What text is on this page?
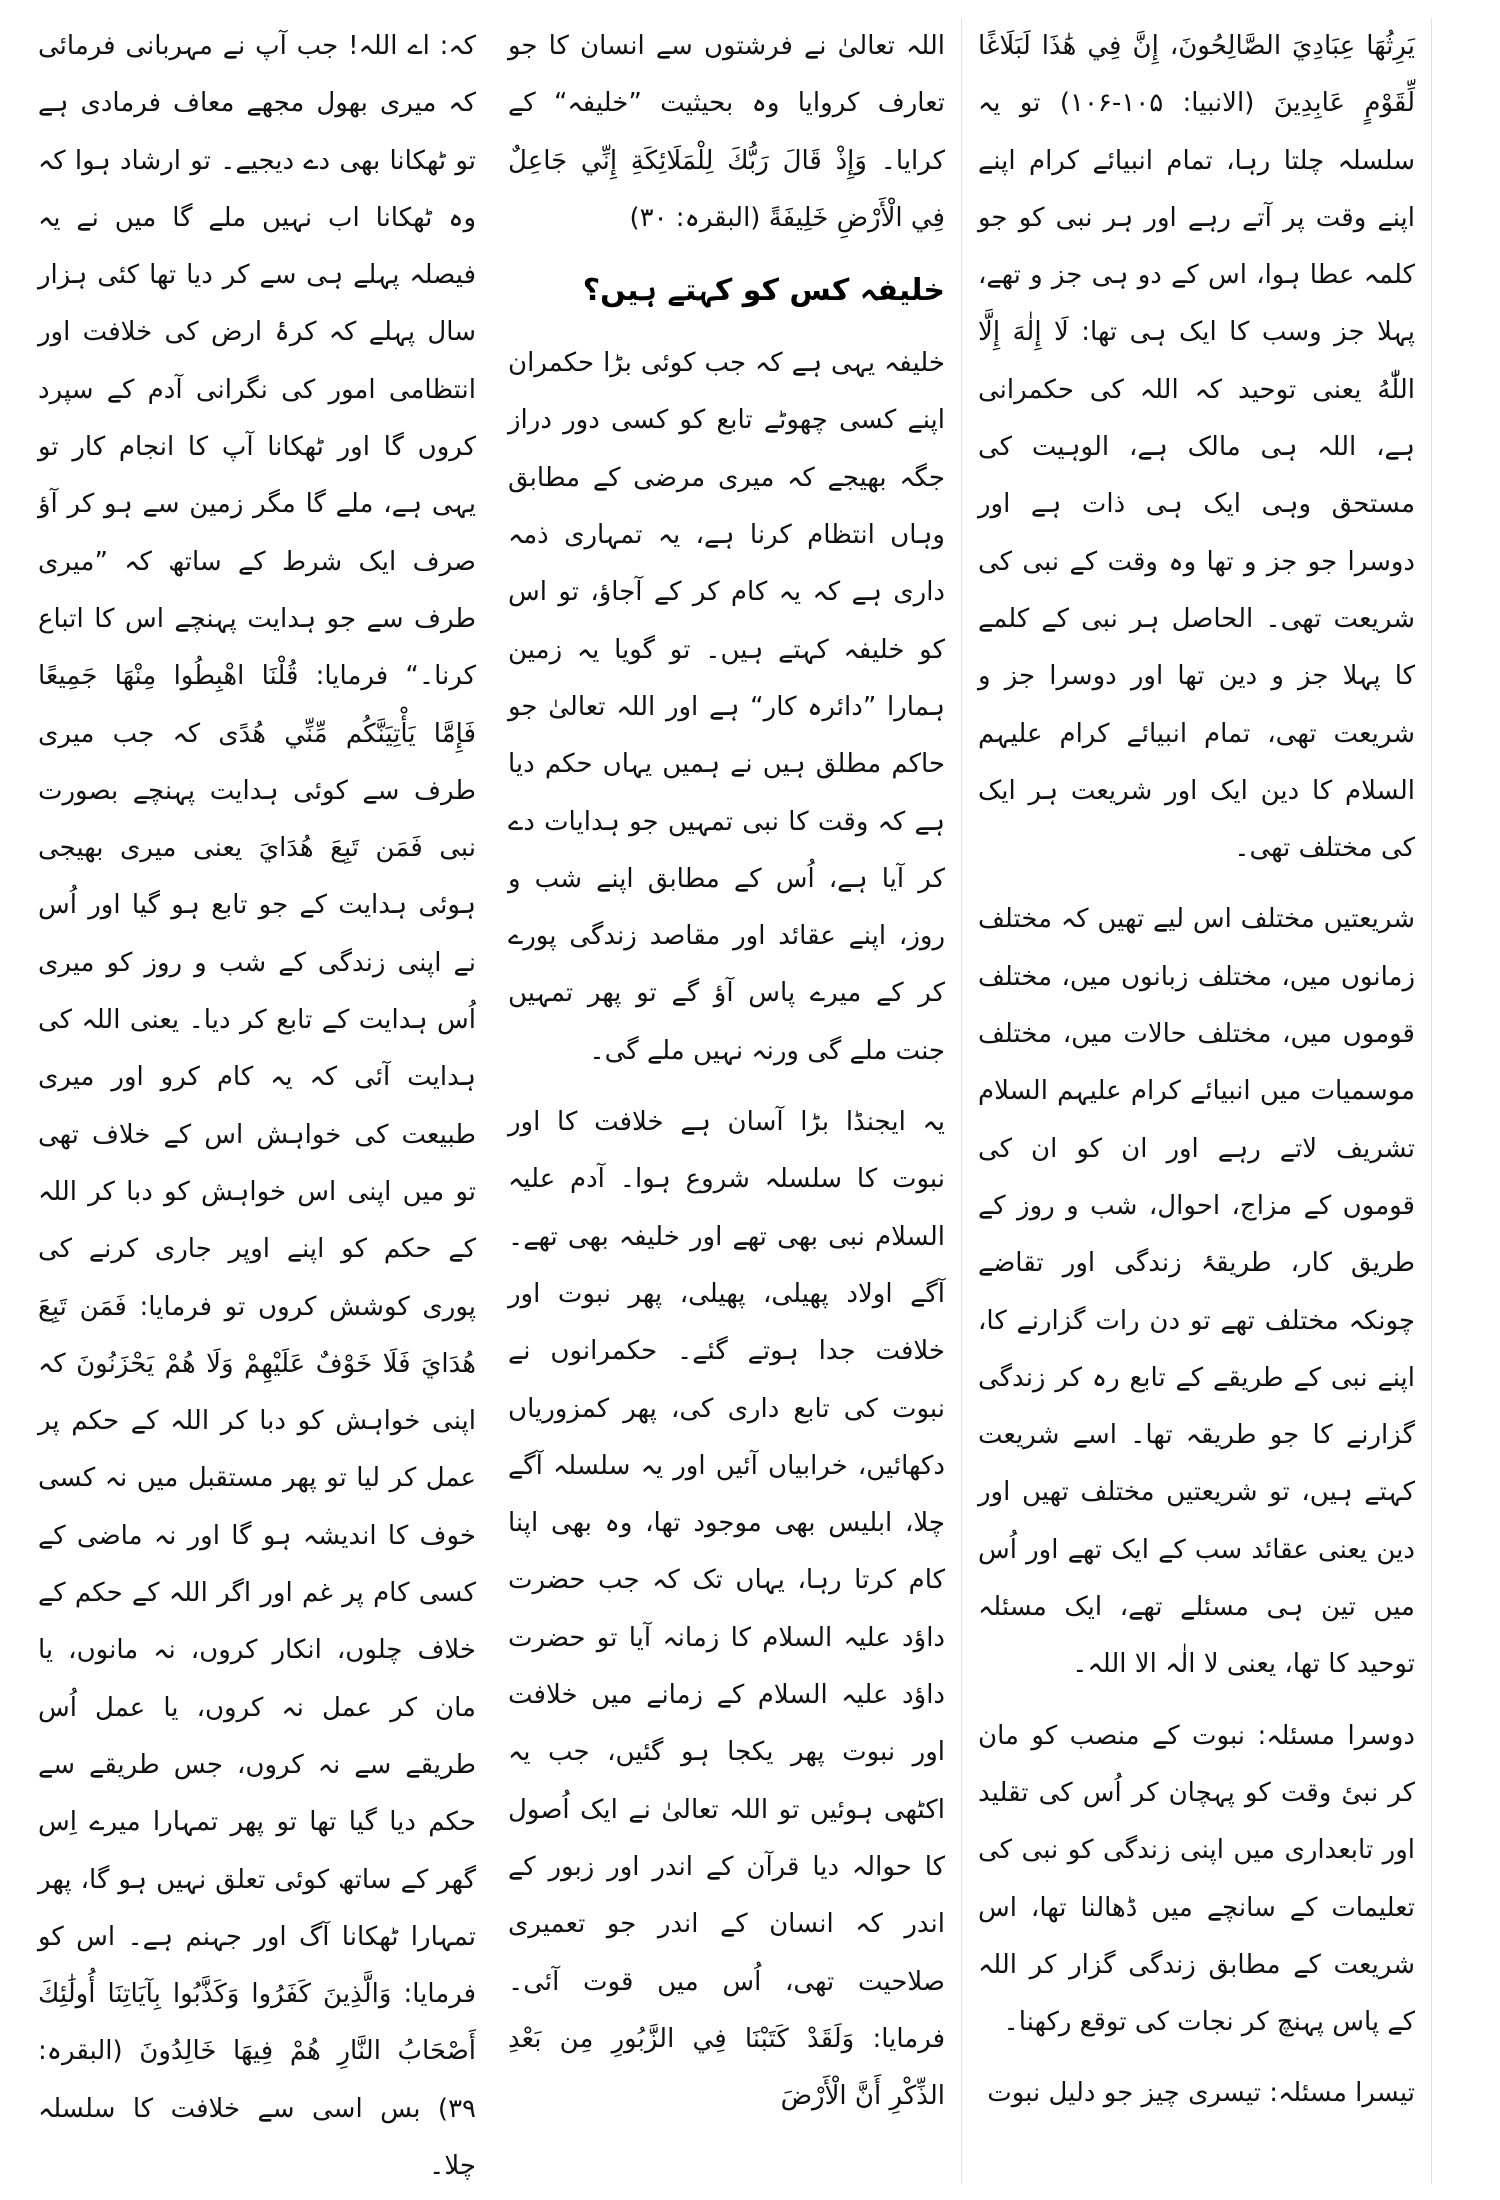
کہ: اے اللہ! جب آپ نے مہربانی فرمائی کہ میری بھول مجھے معاف فرمادی ہے تو ٹھکانا بھی دے دیجیے۔ تو ارشاد ہوا کہ وہ ٹھکانا اب نہیں ملے گا میں نے یہ فیصلہ پہلے ہی سے کر دیا تھا کئی ہزار سال پہلے کہ کرۂ ارض کی خلافت اور انتظامی امور کی نگرانی آدم کے سپرد کروں گا اور ٹھکانا آپ کا انجام کار تو یہی ہے، ملے گا مگر زمین سے ہو کر آؤ صرف ایک شرط کے ساتھ کہ ”میری طرف سے جو ہدایت پہنچے اس کا اتباع کرنا۔“ فرمایا: قُلْنَا اهْبِطُوا مِنْهَا جَمِيعًا فَإِمَّا يَأْتِيَنَّكُم مِّنِّي هُدًى کہ جب میری طرف سے کوئی ہدایت پہنچے بصورت نبی فَمَن تَبِعَ هُدَايَ یعنی میری بھیجی ہوئی ہدایت کے جو تابع ہو گیا اور اُس نے اپنی زندگی کے شب و روز کو میری اُس ہدایت کے تابع کر دیا۔ یعنی اللہ کی ہدایت آئی کہ یہ کام کرو اور میری طبیعت کی خواہش اس کے خلاف تھی تو میں اپنی اس خواہش کو دبا کر اللہ کے حکم کو اپنے اوپر جاری کرنے کی پوری کوشش کروں تو فرمایا: فَمَن تَبِعَ هُدَايَ فَلَا خَوْفٌ عَلَيْهِمْ وَلَا هُمْ يَحْزَنُونَ کہ اپنی خواہش کو دبا کر اللہ کے حکم پر عمل کر لیا تو پھر مستقبل میں نہ کسی خوف کا اندیشہ ہو گا اور نہ ماضی کے کسی کام پر غم اور اگر اللہ کے حکم کے خلاف چلوں، انکار کروں، نہ مانوں، یا مان کر عمل نہ کروں، یا عمل اُس طریقے سے نہ کروں، جس طریقے سے حکم دیا گیا تھا تو پھر تمہارا میرے اِس گھر کے ساتھ کوئی تعلق نہیں ہو گا، پھر تمہارا ٹھکانا آگ اور جہنم ہے۔ اس کو فرمایا: وَالَّذِينَ كَفَرُوا وَكَذَّبُوا بِآيَاتِنَا أُولَٰئِكَ أَصْحَابُ النَّارِ هُمْ فِيهَا خَالِدُونَ (البقرہ: ۳۹) بس اسی سے خلافت کا سلسلہ چلا۔

اللہ تعالیٰ نے فرشتوں سے انسان کا جو تعارف کروایا وہ بحیثیت ”خلیفہ“ کے کرایا۔ وَإِذْ قَالَ رَبُّكَ لِلْمَلَائِكَةِ إِنِّي جَاعِلٌ فِي الْأَرْضِ خَلِيفَةً (البقرہ: ۳۰)

خلیفہ کس کو کہتے ہیں؟

خلیفہ یہی ہے کہ جب کوئی بڑا حکمران اپنے کسی چھوٹے تابع کو کسی دور دراز جگہ بھیجے کہ میری مرضی کے مطابق وہاں انتظام کرنا ہے، یہ تمہاری ذمہ داری ہے کہ یہ کام کر کے آجاؤ، تو اس کو خلیفہ کہتے ہیں۔ تو گویا یہ زمین ہمارا ”دائرہ کار“ ہے اور اللہ تعالیٰ جو حاکم مطلق ہیں نے ہمیں یہاں حکم دیا ہے کہ وقت کا نبی تمہیں جو ہدایات دے کر آیا ہے، اُس کے مطابق اپنے شب و روز، اپنے عقائد اور مقاصد زندگی پورے کر کے میرے پاس آؤ گے تو پھر تمہیں جنت ملے گی ورنہ نہیں ملے گی۔

یہ ایجنڈا بڑا آسان ہے خلافت کا اور نبوت کا سلسلہ شروع ہوا۔ آدم علیہ السلام نبی بھی تھے اور خلیفہ بھی تھے۔ آگے اولاد پھیلی، پھیلی، پھر نبوت اور خلافت جدا ہوتے گئے۔ حکمرانوں نے نبوت کی تابع داری کی، پھر کمزوریاں دکھائیں، خرابیاں آئیں اور یہ سلسلہ آگے چلا، ابلیس بھی موجود تھا، وہ بھی اپنا کام کرتا رہا، یہاں تک کہ جب حضرت داؤد علیہ السلام کا زمانہ آیا تو حضرت داؤد علیہ السلام کے زمانے میں خلافت اور نبوت پھر یکجا ہو گئیں، جب یہ اکٹھی ہوئیں تو اللہ تعالیٰ نے ایک اُصول کا حوالہ دیا قرآن کے اندر اور زبور کے اندر کہ انسان کے اندر جو تعمیری صلاحیت تھی، اُس میں قوت آئی۔ فرمایا: وَلَقَدْ كَتَبْنَا فِي الزَّبُورِ مِن بَعْدِ الذِّكْرِ أَنَّ الْأَرْضَ

يَرِثُهَا عِبَادِيَ الصَّالِحُونَ، إِنَّ فِي هَٰذَا لَبَلَاغًا لِّقَوْمٍ عَابِدِينَ (الانبیا: ۱۰۵-۱۰۶) تو یہ سلسلہ چلتا رہا، تمام انبیائے کرام اپنے اپنے وقت پر آتے رہے اور ہر نبی کو جو کلمہ عطا ہوا، اس کے دو ہی جز و تھے، پہلا جز وسب کا ایک ہی تھا: لَا إِلٰهَ إِلَّا اللّٰهُ یعنی توحید کہ اللہ کی حکمرانی ہے، اللہ ہی مالک ہے، الوہیت کی مستحق وہی ایک ہی ذات ہے اور دوسرا جو جز و تھا وہ وقت کے نبی کی شریعت تھی۔ الحاصل ہر نبی کے کلمے کا پہلا جز و دین تھا اور دوسرا جز و شریعت تھی، تمام انبیائے کرام علیہم السلام کا دین ایک اور شریعت ہر ایک کی مختلف تھی۔

شریعتیں مختلف اس لیے تھیں کہ مختلف زمانوں میں، مختلف زبانوں میں، مختلف قوموں میں، مختلف حالات میں، مختلف موسمیات میں انبیائے کرام علیہم السلام تشریف لاتے رہے اور ان کو ان کی قوموں کے مزاج، احوال، شب و روز کے طریق کار، طریقۂ زندگی اور تقاضے چونکہ مختلف تھے تو دن رات گزارنے کا، اپنے نبی کے طریقے کے تابع رہ کر زندگی گزارنے کا جو طریقہ تھا۔ اسے شریعت کہتے ہیں، تو شریعتیں مختلف تھیں اور دین یعنی عقائد سب کے ایک تھے اور اُس میں تین ہی مسئلے تھے، ایک مسئلہ توحید کا تھا، یعنی لا الٰہ الا اللہ۔

دوسرا مسئلہ: نبوت کے منصب کو مان کر نبیٔ وقت کو پہچان کر اُس کی تقلید اور تابعداری میں اپنی زندگی کو نبی کی تعلیمات کے سانچے میں ڈھالنا تھا، اس شریعت کے مطابق زندگی گزار کر اللہ کے پاس پہنچ کر نجات کی توقع رکھنا۔

تیسرا مسئلہ: تیسری چیز جو دلیل نبوت
